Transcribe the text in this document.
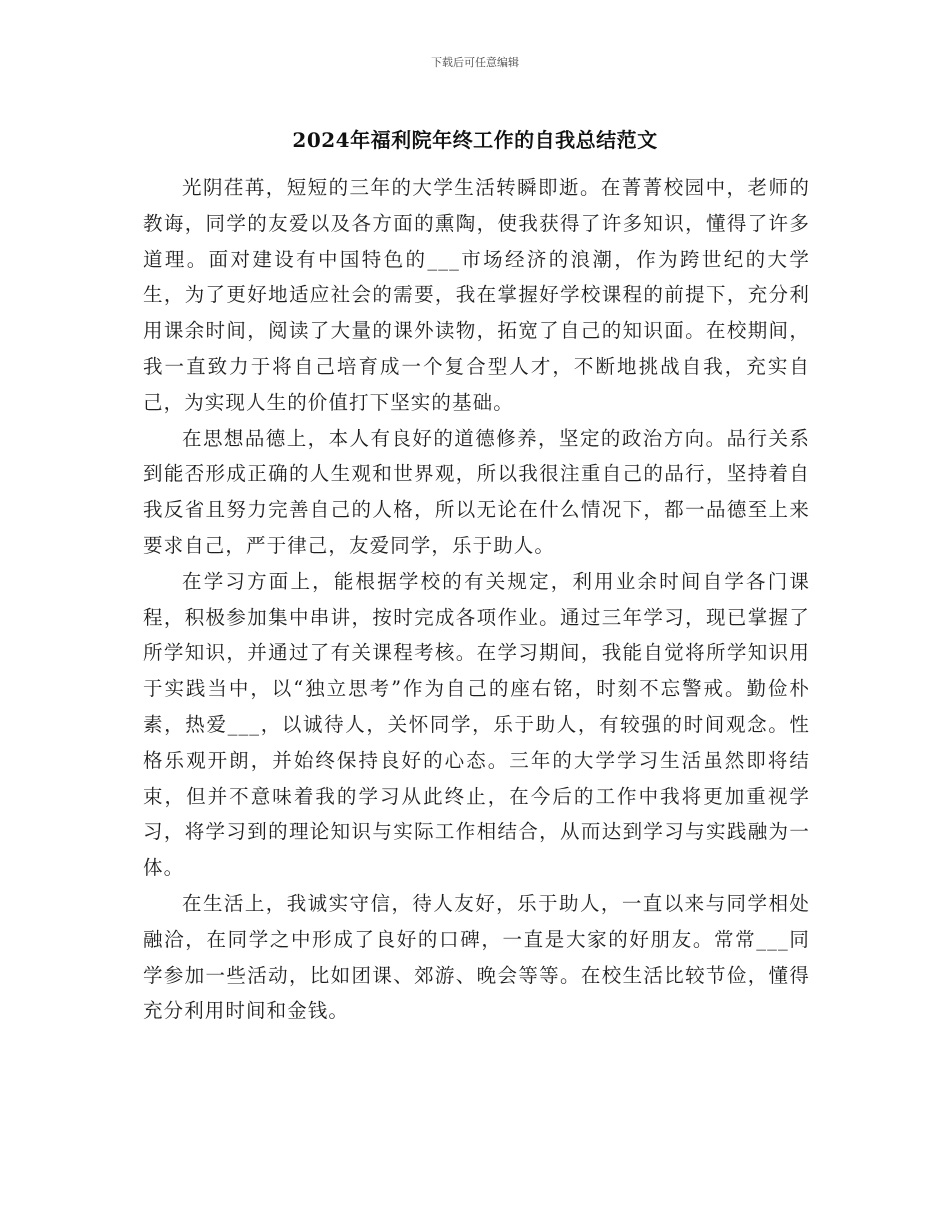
下载后可任意编辑
2024年福利院年终工作的自我总结范文

光阴荏苒，短短的三年的大学生活转瞬即逝。在菁菁校园中，老师的教诲，同学的友爱以及各方面的熏陶，使我获得了许多知识，懂得了许多道理。面对建设有中国特色的___市场经济的浪潮，作为跨世纪的大学生，为了更好地适应社会的需要，我在掌握好学校课程的前提下，充分利用课余时间，阅读了大量的课外读物，拓宽了自己的知识面。在校期间，我一直致力于将自己培育成一个复合型人才，不断地挑战自我，充实自己，为实现人生的价值打下坚实的基础。

在思想品德上，本人有良好的道德修养，坚定的政治方向。品行关系到能否形成正确的人生观和世界观，所以我很注重自己的品行，坚持着自我反省且努力完善自己的人格，所以无论在什么情况下，都一品德至上来要求自己，严于律己，友爱同学，乐于助人。

在学习方面上，能根据学校的有关规定，利用业余时间自学各门课程，积极参加集中串讲，按时完成各项作业。通过三年学习，现已掌握了所学知识，并通过了有关课程考核。在学习期间，我能自觉将所学知识用于实践当中，以“独立思考”作为自己的座右铭，时刻不忘警戒。勤俭朴素，热爱___，以诚待人，关怀同学，乐于助人，有较强的时间观念。性格乐观开朗，并始终保持良好的心态。三年的大学学习生活虽然即将结束，但并不意味着我的学习从此终止，在今后的工作中我将更加重视学习，将学习到的理论知识与实际工作相结合，从而达到学习与实践融为一体。

在生活上，我诚实守信，待人友好，乐于助人，一直以来与同学相处融洽，在同学之中形成了良好的口碑，一直是大家的好朋友。常常___同学参加一些活动，比如团课、郊游、晚会等等。在校生活比较节俭，懂得充分利用时间和金钱。
